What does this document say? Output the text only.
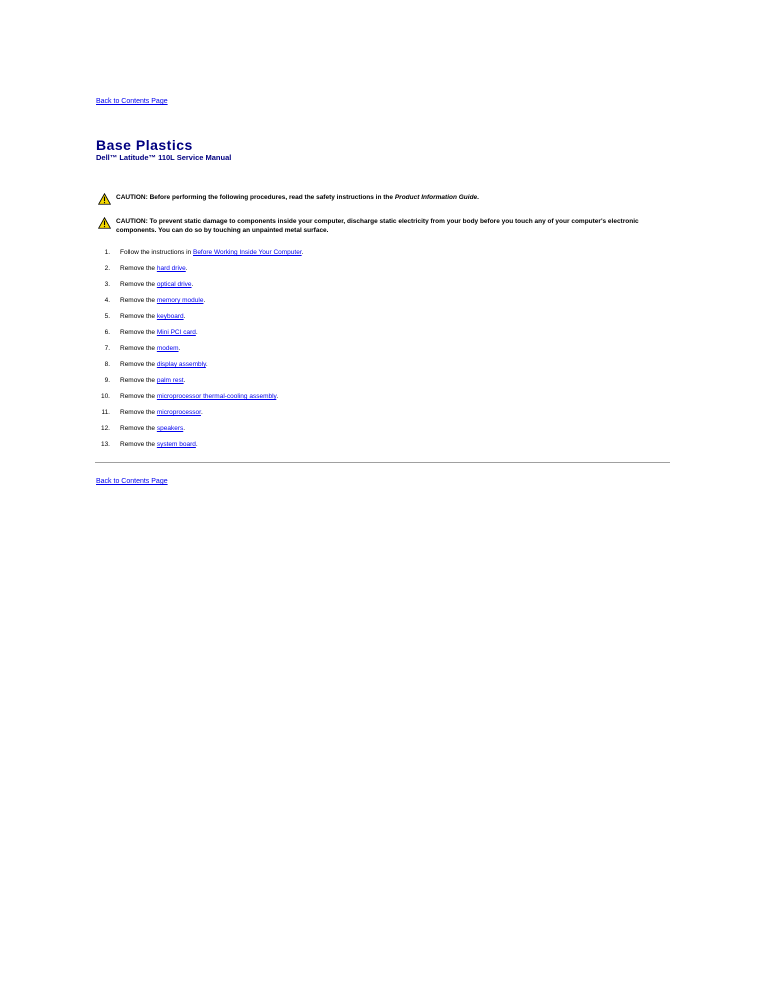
Back to Contents Page
Base Plastics
Dell™ Latitude™ 110L Service Manual
CAUTION: Before performing the following procedures, read the safety instructions in the Product Information Guide.
CAUTION: To prevent static damage to components inside your computer, discharge static electricity from your body before you touch any of your computer's electronic components. You can do so by touching an unpainted metal surface.
1. Follow the instructions in Before Working Inside Your Computer.
2. Remove the hard drive.
3. Remove the optical drive.
4. Remove the memory module.
5. Remove the keyboard.
6. Remove the Mini PCI card.
7. Remove the modem.
8. Remove the display assembly.
9. Remove the palm rest.
10. Remove the microprocessor thermal-cooling assembly.
11. Remove the microprocessor.
12. Remove the speakers.
13. Remove the system board.
Back to Contents Page
